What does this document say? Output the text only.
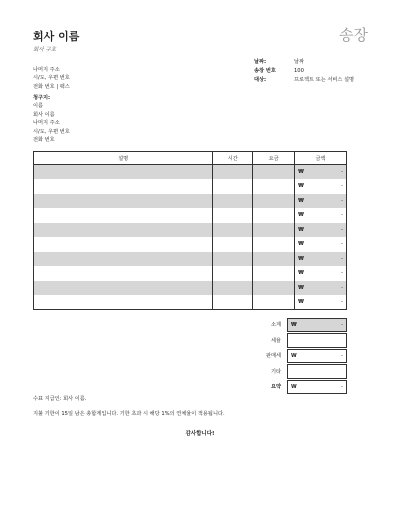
회사 이름
회사 구호
송장
나머지 주소
시/도, 우편 번호
전화 번호 | 팩스
날짜:	날짜
송장 번호	100
대상:	프로젝트 또는 서비스 설명
청구지:
이름
회사 이름
나머지 주소
시/도, 우편 번호
전화 번호
설명	시간	요금	금액

			₩ -

			₩ -

			₩ -

			₩ -

			₩ -

			₩ -

			₩ -

			₩ -

			₩ -

			₩ -
소계	₩	-
세율
판매세	W	-
기타
요약	W	-
수표 지급인: 회사 이름.
지불 기한이 15일 남은 총합계입니다. 기한 초과 시 해당 1%의 연체율이 적용됩니다.
감사합니다!
